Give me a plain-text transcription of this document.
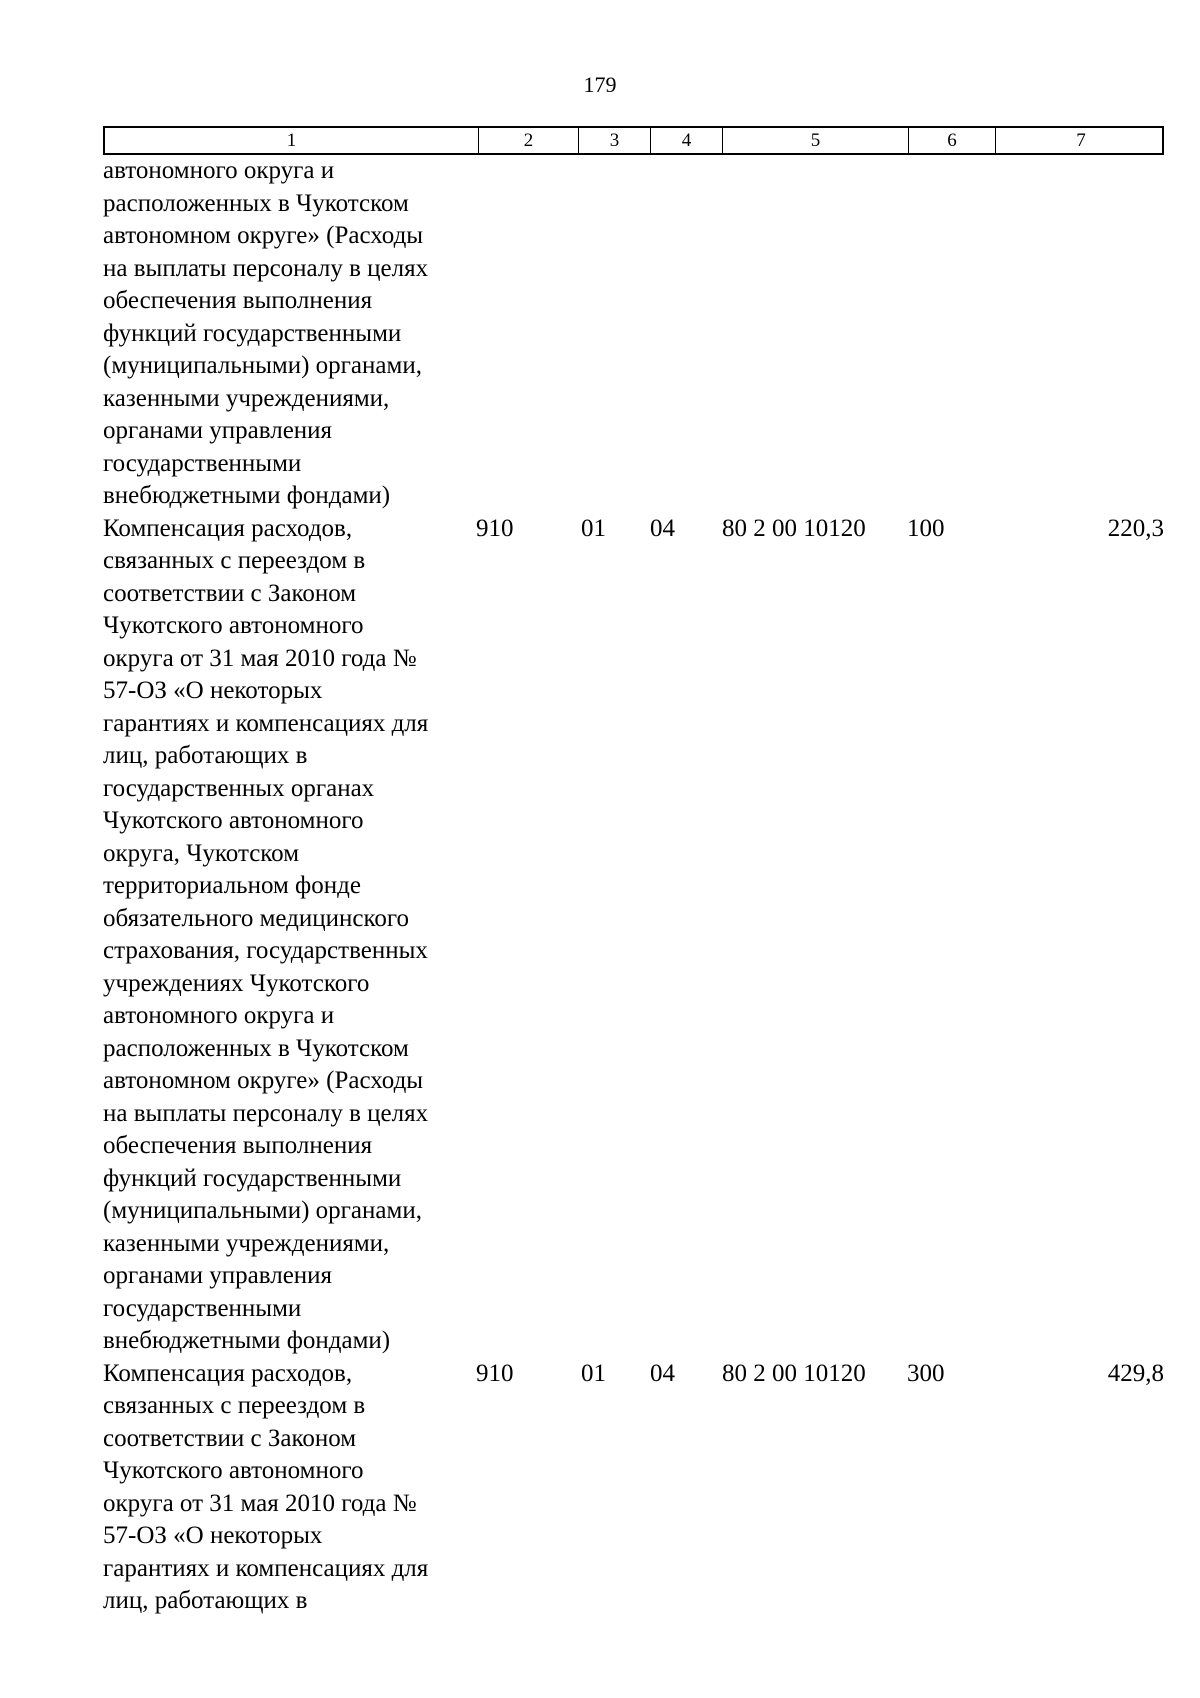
179
1	2	3	4	5	6	7
автономного округа и
расположенных в Чукотском
автономном округе» (Расходы
на выплаты персоналу в целях
обеспечения выполнения
функций государственными
(муниципальными) органами,
казенными учреждениями,
органами управления
государственными
внебюджетными фондами)
Компенсация расходов,
связанных с переездом в
соответствии с Законом
Чукотского автономного
округа от 31 мая 2010 года №
57-ОЗ «О некоторых
гарантиях и компенсациях для
лиц, работающих в
государственных органах
Чукотского автономного
округа, Чукотском
территориальном фонде
обязательного медицинского
страхования, государственных
учреждениях Чукотского
автономного округа и
расположенных в Чукотском
автономном округе» (Расходы
на выплаты персоналу в целях
обеспечения выполнения
функций государственными
(муниципальными) органами,
казенными учреждениями,
органами управления
государственными
внебюджетными фондами)
910	01	04	80 2 00 10120	100	220,3
Компенсация расходов,
связанных с переездом в
соответствии с Законом
Чукотского автономного
округа от 31 мая 2010 года №
57-ОЗ «О некоторых
гарантиях и компенсациях для
лиц, работающих в
910	01	04	80 2 00 10120	300	429,8
